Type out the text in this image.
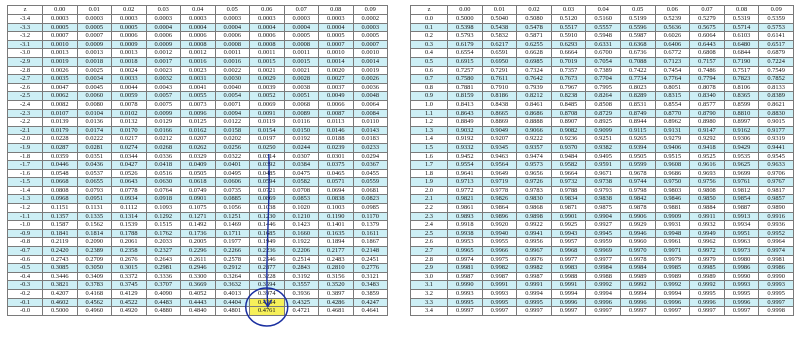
z	0.00	0.01	0.02	0.03	0.04	0.05	0.06	0.07	0.08	0.09
-3.4	0.0003	0.0003	0.0003	0.0003	0.0003	0.0003	0.0003	0.0003	0.0003	0.0002
-3.3	0.0005	0.0005	0.0005	0.0004	0.0004	0.0004	0.0004	0.0004	0.0004	0.0003
-3.2	0.0007	0.0007	0.0006	0.0006	0.0006	0.0006	0.0006	0.0005	0.0005	0.0005
-3.1	0.0010	0.0009	0.0009	0.0009	0.0008	0.0008	0.0008	0.0008	0.0007	0.0007
-3.0	0.0013	0.0013	0.0013	0.0012	0.0012	0.0011	0.0011	0.0011	0.0010	0.0010
-2.9	0.0019	0.0018	0.0018	0.0017	0.0016	0.0016	0.0015	0.0015	0.0014	0.0014
-2.8	0.0026	0.0025	0.0024	0.0023	0.0023	0.0022	0.0021	0.0021	0.0020	0.0019
-2.7	0.0035	0.0034	0.0033	0.0032	0.0031	0.0030	0.0029	0.0028	0.0027	0.0026
-2.6	0.0047	0.0045	0.0044	0.0043	0.0041	0.0040	0.0039	0.0038	0.0037	0.0036
-2.5	0.0062	0.0060	0.0059	0.0057	0.0055	0.0054	0.0052	0.0051	0.0049	0.0048
-2.4	0.0082	0.0080	0.0078	0.0075	0.0073	0.0071	0.0069	0.0068	0.0066	0.0064
-2.3	0.0107	0.0104	0.0102	0.0099	0.0096	0.0094	0.0091	0.0089	0.0087	0.0084
-2.2	0.0139	0.0136	0.0132	0.0129	0.0125	0.0122	0.0119	0.0116	0.0113	0.0110
-2.1	0.0179	0.0174	0.0170	0.0166	0.0162	0.0158	0.0154	0.0150	0.0146	0.0143
-2.0	0.0228	0.0222	0.0217	0.0212	0.0207	0.0202	0.0197	0.0192	0.0188	0.0183
-1.9	0.0287	0.0281	0.0274	0.0268	0.0262	0.0256	0.0250	0.0244	0.0239	0.0233
-1.8	0.0359	0.0351	0.0344	0.0336	0.0329	0.0322	0.0314	0.0307	0.0301	0.0294
-1.7	0.0446	0.0436	0.0427	0.0418	0.0409	0.0401	0.0392	0.0384	0.0375	0.0367
-1.6	0.0548	0.0537	0.0526	0.0516	0.0505	0.0495	0.0485	0.0475	0.0465	0.0455
-1.5	0.0668	0.0655	0.0643	0.0630	0.0618	0.0606	0.0594	0.0582	0.0571	0.0559
-1.4	0.0808	0.0793	0.0778	0.0764	0.0749	0.0735	0.0721	0.0708	0.0694	0.0681
-1.3	0.0968	0.0951	0.0934	0.0918	0.0901	0.0885	0.0869	0.0853	0.0838	0.0823
-1.2	0.1151	0.1131	0.1112	0.1093	0.1075	0.1056	0.1038	0.1020	0.1003	0.0985
-1.1	0.1357	0.1335	0.1314	0.1292	0.1271	0.1251	0.1230	0.1210	0.1190	0.1170
-1.0	0.1587	0.1562	0.1539	0.1515	0.1492	0.1469	0.1446	0.1423	0.1401	0.1379
-0.9	0.1841	0.1814	0.1788	0.1762	0.1736	0.1711	0.1685	0.1660	0.1635	0.1611
-0.8	0.2119	0.2090	0.2061	0.2033	0.2005	0.1977	0.1949	0.1922	0.1894	0.1867
-0.7	0.2420	0.2389	0.2358	0.2327	0.2296	0.2266	0.2236	0.2206	0.2177	0.2148
-0.6	0.2743	0.2709	0.2676	0.2643	0.2611	0.2578	0.2546	0.2514	0.2483	0.2451
-0.5	0.3085	0.3050	0.3015	0.2981	0.2946	0.2912	0.2877	0.2843	0.2810	0.2776
-0.4	0.3446	0.3409	0.3372	0.3336	0.3300	0.3264	0.3228	0.3192	0.3156	0.3121
-0.3	0.3821	0.3783	0.3745	0.3707	0.3669	0.3632	0.3594	0.3557	0.3520	0.3483
-0.2	0.4207	0.4168	0.4129	0.4090	0.4052	0.4013	0.3974	0.3936	0.3897	0.3859
-0.1	0.4602	0.4562	0.4522	0.4483	0.4443	0.4404	0.4364	0.4325	0.4286	0.4247
-0.0	0.5000	0.4960	0.4920	0.4880	0.4840	0.4801	0.4761	0.4721	0.4681	0.4641
z	0.00	0.01	0.02	0.03	0.04	0.05	0.06	0.07	0.08	0.09
0.0	0.5000	0.5040	0.5080	0.5120	0.5160	0.5199	0.5239	0.5279	0.5319	0.5359
0.1	0.5398	0.5438	0.5478	0.5517	0.5557	0.5596	0.5636	0.5675	0.5714	0.5753
0.2	0.5793	0.5832	0.5871	0.5910	0.5948	0.5987	0.6026	0.6064	0.6103	0.6141
0.3	0.6179	0.6217	0.6255	0.6293	0.6331	0.6368	0.6406	0.6443	0.6480	0.6517
0.4	0.6554	0.6591	0.6628	0.6664	0.6700	0.6736	0.6772	0.6808	0.6844	0.6879
0.5	0.6915	0.6950	0.6985	0.7019	0.7054	0.7088	0.7123	0.7157	0.7190	0.7224
0.6	0.7257	0.7291	0.7324	0.7357	0.7389	0.7422	0.7454	0.7486	0.7517	0.7549
0.7	0.7580	0.7611	0.7642	0.7673	0.7704	0.7734	0.7764	0.7794	0.7823	0.7852
0.8	0.7881	0.7910	0.7939	0.7967	0.7995	0.8023	0.8051	0.8078	0.8106	0.8133
0.9	0.8159	0.8186	0.8212	0.8238	0.8264	0.8289	0.8315	0.8340	0.8365	0.8389
1.0	0.8413	0.8438	0.8461	0.8485	0.8508	0.8531	0.8554	0.8577	0.8599	0.8621
1.1	0.8643	0.8665	0.8686	0.8708	0.8729	0.8749	0.8770	0.8790	0.8810	0.8830
1.2	0.8849	0.8869	0.8888	0.8907	0.8925	0.8944	0.8962	0.8980	0.8997	0.9015
1.3	0.9032	0.9049	0.9066	0.9082	0.9099	0.9115	0.9131	0.9147	0.9162	0.9177
1.4	0.9192	0.9207	0.9222	0.9236	0.9251	0.9265	0.9279	0.9292	0.9306	0.9319
1.5	0.9332	0.9345	0.9357	0.9370	0.9382	0.9394	0.9406	0.9418	0.9429	0.9441
1.6	0.9452	0.9463	0.9474	0.9484	0.9495	0.9505	0.9515	0.9525	0.9535	0.9545
1.7	0.9554	0.9564	0.9573	0.9582	0.9591	0.9599	0.9608	0.9616	0.9625	0.9633
1.8	0.9641	0.9649	0.9656	0.9664	0.9671	0.9678	0.9686	0.9693	0.9699	0.9706
1.9	0.9713	0.9719	0.9726	0.9732	0.9738	0.9744	0.9750	0.9756	0.9761	0.9767
2.0	0.9772	0.9778	0.9783	0.9788	0.9793	0.9798	0.9803	0.9808	0.9812	0.9817
2.1	0.9821	0.9826	0.9830	0.9834	0.9838	0.9842	0.9846	0.9850	0.9854	0.9857
2.2	0.9861	0.9864	0.9868	0.9871	0.9875	0.9878	0.9881	0.9884	0.9887	0.9890
2.3	0.9893	0.9896	0.9898	0.9901	0.9904	0.9906	0.9909	0.9911	0.9913	0.9916
2.4	0.9918	0.9920	0.9922	0.9925	0.9927	0.9929	0.9931	0.9932	0.9934	0.9936
2.5	0.9938	0.9940	0.9941	0.9943	0.9945	0.9946	0.9948	0.9949	0.9951	0.9952
2.6	0.9953	0.9955	0.9956	0.9957	0.9959	0.9960	0.9961	0.9962	0.9963	0.9964
2.7	0.9965	0.9966	0.9967	0.9968	0.9969	0.9970	0.9971	0.9972	0.9973	0.9974
2.8	0.9974	0.9975	0.9976	0.9977	0.9977	0.9978	0.9979	0.9979	0.9980	0.9981
2.9	0.9981	0.9982	0.9982	0.9983	0.9984	0.9984	0.9985	0.9985	0.9986	0.9986
3.0	0.9987	0.9987	0.9987	0.9988	0.9988	0.9989	0.9989	0.9989	0.9990	0.9990
3.1	0.9990	0.9991	0.9991	0.9991	0.9992	0.9992	0.9992	0.9992	0.9993	0.9993
3.2	0.9993	0.9993	0.9994	0.9994	0.9994	0.9994	0.9994	0.9995	0.9995	0.9995
3.3	0.9995	0.9995	0.9995	0.9996	0.9996	0.9996	0.9996	0.9996	0.9996	0.9997
3.4	0.9997	0.9997	0.9997	0.9997	0.9997	0.9997	0.9997	0.9997	0.9997	0.9998
